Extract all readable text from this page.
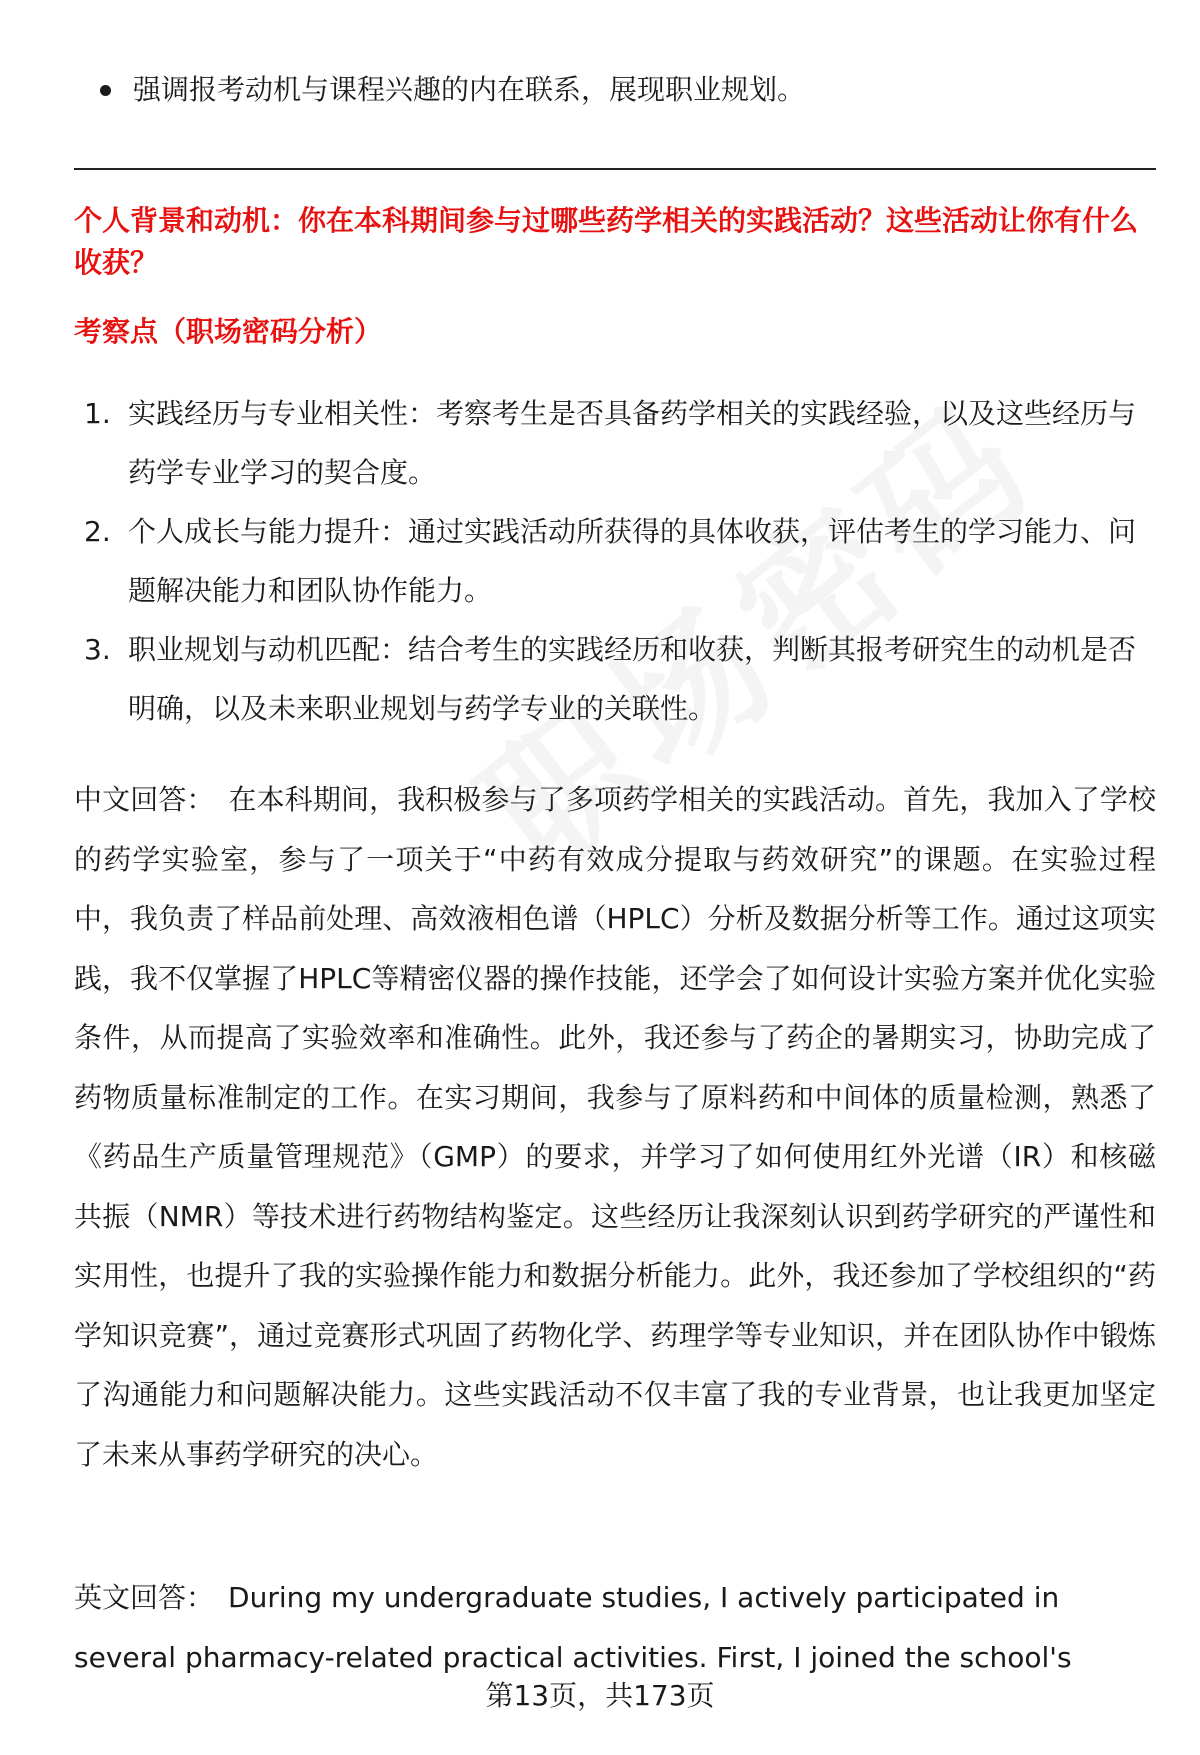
强调报考动机与课程兴趣的内在联系，展现职业规划。
个人背景和动机：你在本科期间参与过哪些药学相关的实践活动？这些活动让你有什么收获？
考察点（职场密码分析）
1. 实践经历与专业相关性：考察考生是否具备药学相关的实践经验，以及这些经历与药学专业学习的契合度。
2. 个人成长与能力提升：通过实践活动所获得的具体收获，评估考生的学习能力、问题解决能力和团队协作能力。
3. 职业规划与动机匹配：结合考生的实践经历和收获，判断其报考研究生的动机是否明确，以及未来职业规划与药学专业的关联性。

中文回答： 在本科期间，我积极参与了多项药学相关的实践活动。首先，我加入了学校的药学实验室，参与了一项关于“中药有效成分提取与药效研究”的课题。在实验过程中，我负责了样品前处理、高效液相色谱（HPLC）分析及数据分析等工作。通过这项实践，我不仅掌握了HPLC等精密仪器的操作技能，还学会了如何设计实验方案并优化实验条件，从而提高了实验效率和准确性。此外，我还参与了药企的暑期实习，协助完成了药物质量标准制定的工作。在实习期间，我参与了原料药和中间体的质量检测，熟悉了《药品生产质量管理规范》（GMP）的要求，并学习了如何使用红外光谱（IR）和核磁共振（NMR）等技术进行药物结构鉴定。这些经历让我深刻认识到药学研究的严谨性和实用性，也提升了我的实验操作能力和数据分析能力。此外，我还参加了学校组织的“药学知识竞赛”，通过竞赛形式巩固了药物化学、药理学等专业知识，并在团队协作中锻炼了沟通能力和问题解决能力。这些实践活动不仅丰富了我的专业背景，也让我更加坚定了未来从事药学研究的决心。

英文回答： During my undergraduate studies, I actively participated in several pharmacy-related practical activities. First, I joined the school's

第13页，共173页
